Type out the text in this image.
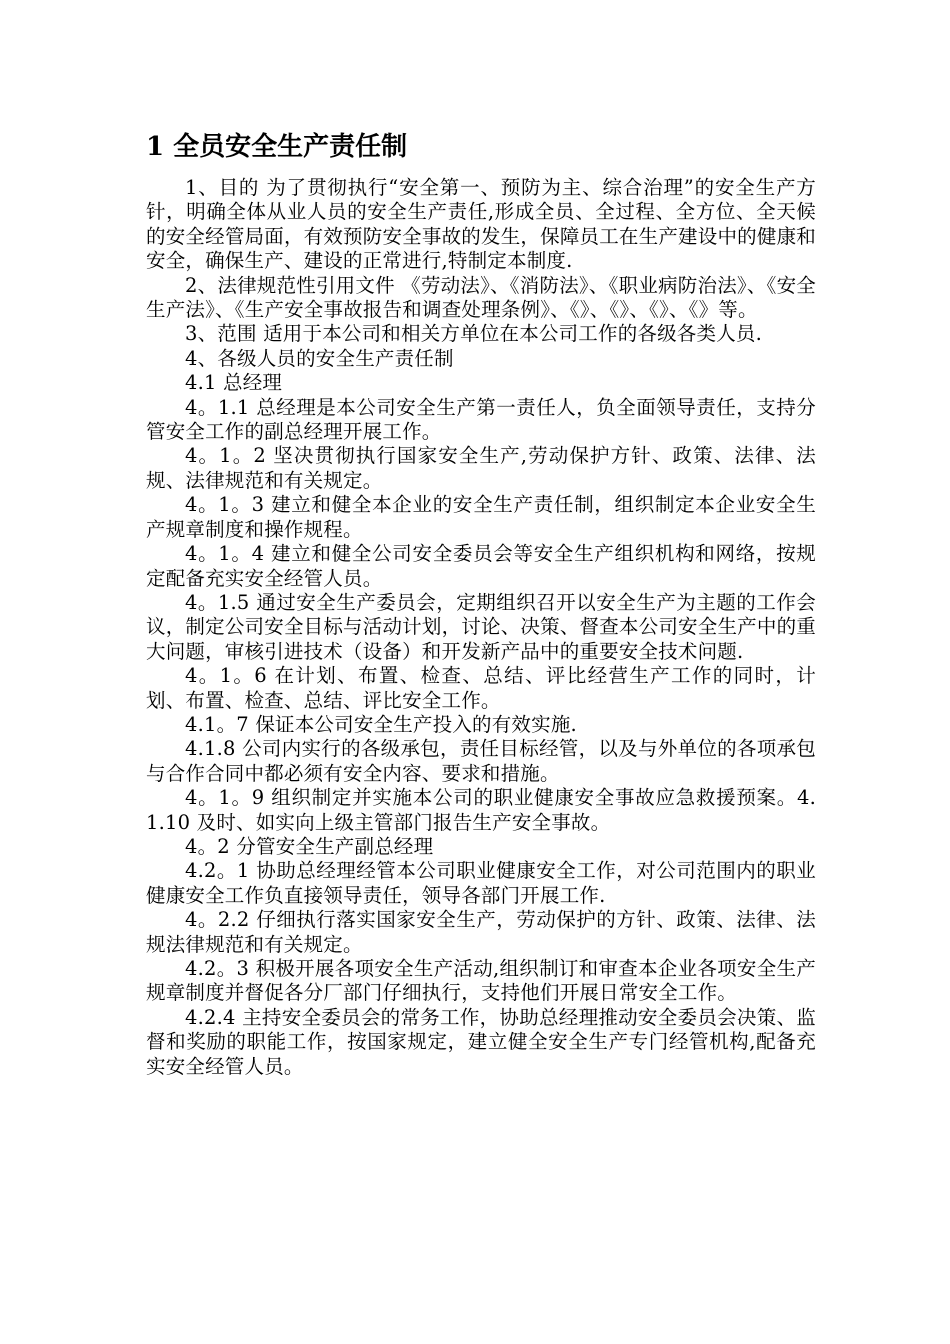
1 全员安全生产责任制

1、目的 为了贯彻执行“安全第一、预防为主、综合治理”的安全生产方针，明确全体从业人员的安全生产责任,形成全员、全过程、全方位、全天候的安全经管局面，有效预防安全事故的发生，保障员工在生产建设中的健康和安全，确保生产、建设的正常进行,特制定本制度.

2、法律规范性引用文件 《劳动法》、《消防法》、《职业病防治法》、《安全生产法》、《生产安全事故报告和调查处理条例》、《》、《》、《》、《》等。

3、范围 适用于本公司和相关方单位在本公司工作的各级各类人员.

4、各级人员的安全生产责任制

4.1 总经理

4。1.1 总经理是本公司安全生产第一责任人，负全面领导责任，支持分管安全工作的副总经理开展工作。

4。1。2 坚决贯彻执行国家安全生产,劳动保护方针、政策、法律、法规、法律规范和有关规定。

4。1。3 建立和健全本企业的安全生产责任制，组织制定本企业安全生产规章制度和操作规程。

4。1。4 建立和健全公司安全委员会等安全生产组织机构和网络，按规定配备充实安全经管人员。

4。1.5 通过安全生产委员会，定期组织召开以安全生产为主题的工作会议，制定公司安全目标与活动计划，讨论、决策、督查本公司安全生产中的重大问题，审核引进技术（设备）和开发新产品中的重要安全技术问题.

4。1。6 在计划、布置、检查、总结、评比经营生产工作的同时，计划、布置、检查、总结、评比安全工作。

4.1。7 保证本公司安全生产投入的有效实施.

4.1.8 公司内实行的各级承包，责任目标经管，以及与外单位的各项承包与合作合同中都必须有安全内容、要求和措施。

4。1。9 组织制定并实施本公司的职业健康安全事故应急救援预案。4.1.10 及时、如实向上级主管部门报告生产安全事故。

4。2 分管安全生产副总经理

4.2。1 协助总经理经管本公司职业健康安全工作，对公司范围内的职业健康安全工作负直接领导责任，领导各部门开展工作.

4。2.2 仔细执行落实国家安全生产，劳动保护的方针、政策、法律、法规法律规范和有关规定。

4.2。3 积极开展各项安全生产活动,组织制订和审查本企业各项安全生产规章制度并督促各分厂部门仔细执行，支持他们开展日常安全工作。

4.2.4 主持安全委员会的常务工作，协助总经理推动安全委员会决策、监督和奖励的职能工作，按国家规定，建立健全安全生产专门经管机构,配备充实安全经管人员。
